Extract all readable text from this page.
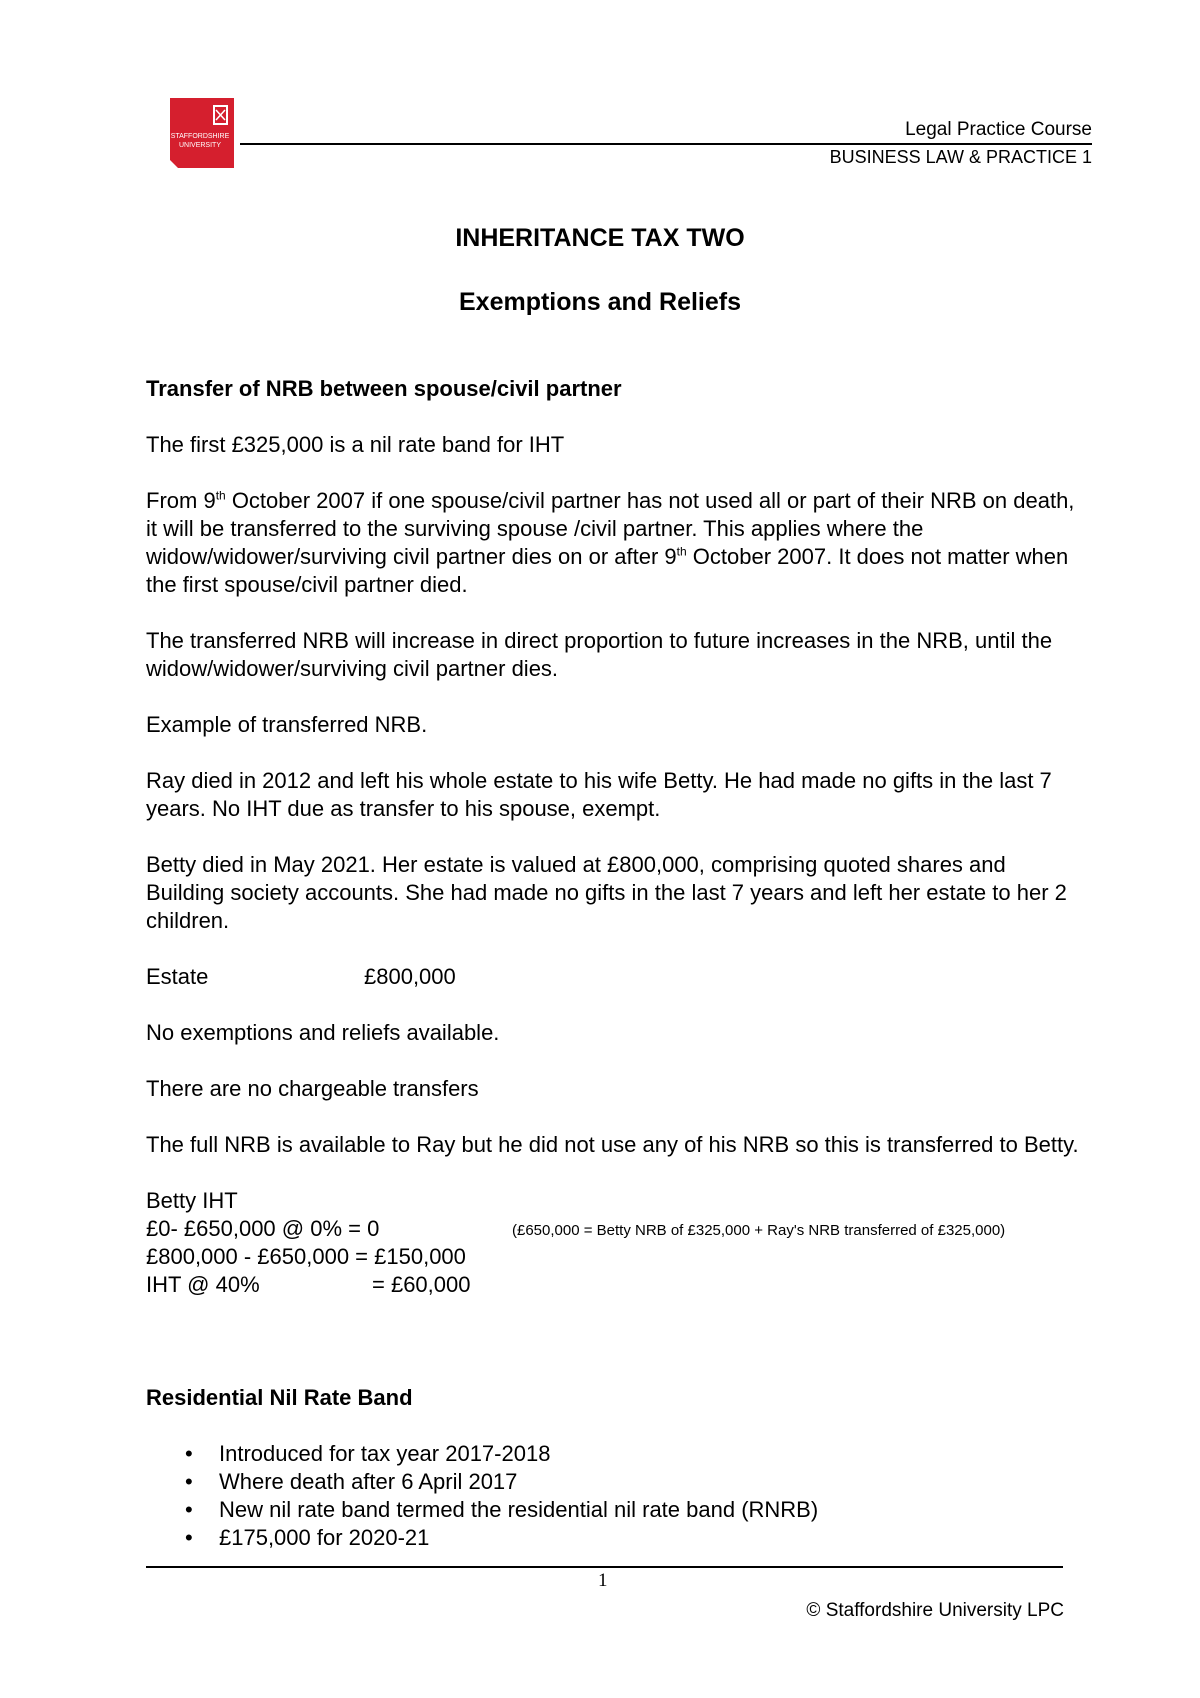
STAFFORDSHIRE
UNIVERSITY
Legal Practice Course
BUSINESS LAW & PRACTICE 1
INHERITANCE TAX TWO
Exemptions and Reliefs

Transfer of NRB between spouse/civil partner

The first £325,000 is a nil rate band for IHT

From 9th October 2007 if one spouse/civil partner has not used all or part of their NRB on death, it will be transferred to the surviving spouse /civil partner. This applies where the widow/widower/surviving civil partner dies on or after 9th October 2007. It does not matter when the first spouse/civil partner died.

The transferred NRB will increase in direct proportion to future increases in the NRB, until the widow/widower/surviving civil partner dies.

Example of transferred NRB.

Ray died in 2012 and left his whole estate to his wife Betty. He had made no gifts in the last 7 years. No IHT due as transfer to his spouse, exempt.

Betty died in May 2021. Her estate is valued at £800,000, comprising quoted shares and Building society accounts. She had made no gifts in the last 7 years and left her estate to her 2 children.

Estate	£800,000

No exemptions and reliefs available.

There are no chargeable transfers

The full NRB is available to Ray but he did not use any of his NRB so this is transferred to Betty.

Betty IHT

£0- £650,000 @ 0% = 0	(£650,000 = Betty NRB of £325,000 + Ray's NRB transferred of £325,000)

£800,000 - £650,000 = £150,000

IHT @ 40%	= £60,000

Residential Nil Rate Band

• Introduced for tax year 2017-2018
• Where death after 6 April 2017
• New nil rate band termed the residential nil rate band (RNRB)
• £175,000 for 2020-21
1
© Staffordshire University LPC
